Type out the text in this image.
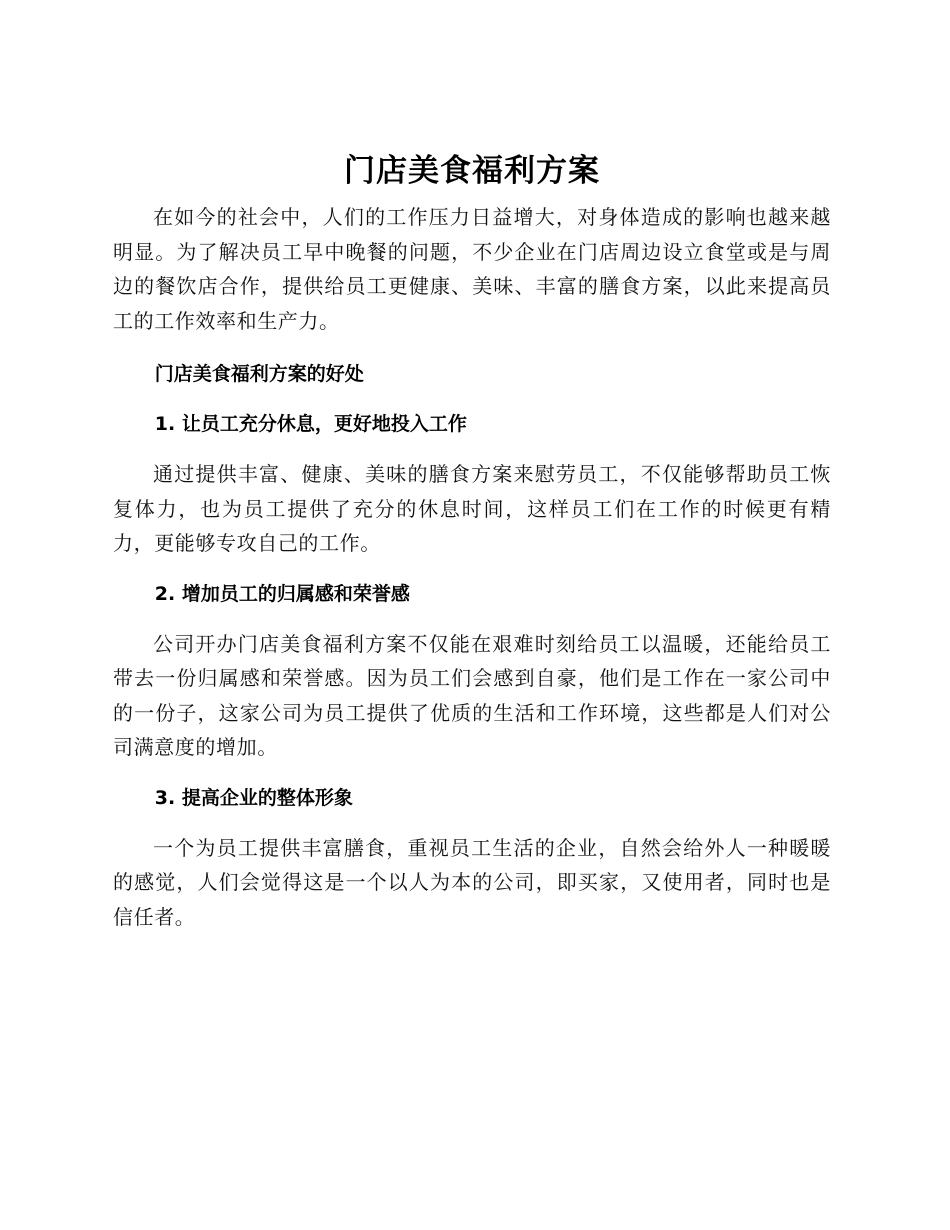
门店美食福利方案

在如今的社会中，人们的工作压力日益增大，对身体造成的影响也越来越明显。为了解决员工早中晚餐的问题，不少企业在门店周边设立食堂或是与周边的餐饮店合作，提供给员工更健康、美味、丰富的膳食方案，以此来提高员工的工作效率和生产力。

门店美食福利方案的好处
1. 让员工充分休息，更好地投入工作

通过提供丰富、健康、美味的膳食方案来慰劳员工，不仅能够帮助员工恢复体力，也为员工提供了充分的休息时间，这样员工们在工作的时候更有精力，更能够专攻自己的工作。

2. 增加员工的归属感和荣誉感

公司开办门店美食福利方案不仅能在艰难时刻给员工以温暖，还能给员工带去一份归属感和荣誉感。因为员工们会感到自豪，他们是工作在一家公司中的一份子，这家公司为员工提供了优质的生活和工作环境，这些都是人们对公司满意度的增加。

3. 提高企业的整体形象

一个为员工提供丰富膳食，重视员工生活的企业，自然会给外人一种暖暖的感觉，人们会觉得这是一个以人为本的公司，即买家，又使用者，同时也是信任者。
